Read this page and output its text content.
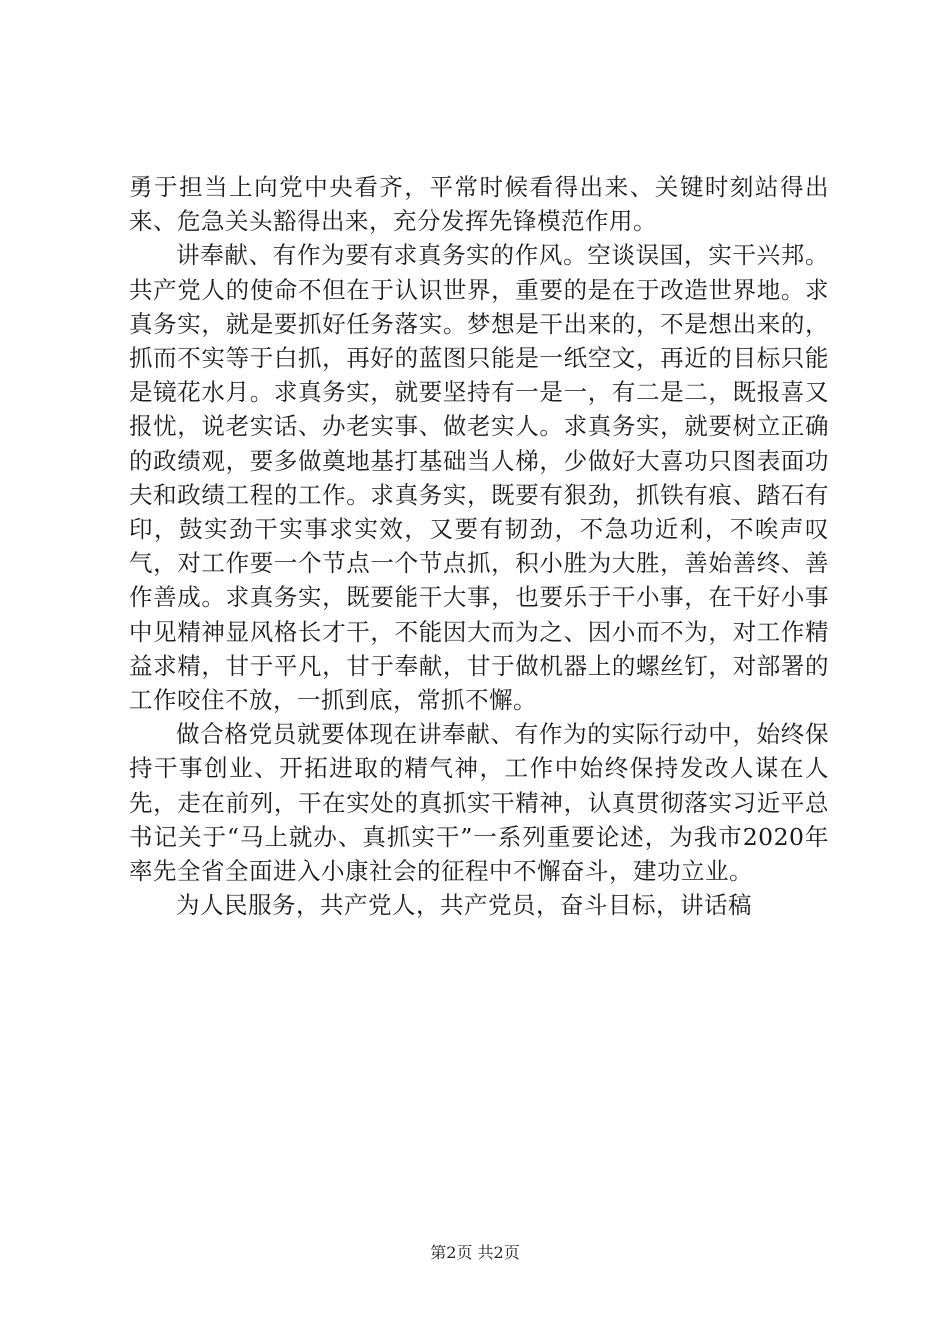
勇于担当上向党中央看齐，平常时候看得出来、关键时刻站得出来、危急关头豁得出来，充分发挥先锋模范作用。

讲奉献、有作为要有求真务实的作风。空谈误国，实干兴邦。共产党人的使命不但在于认识世界，重要的是在于改造世界地。求真务实，就是要抓好任务落实。梦想是干出来的，不是想出来的，抓而不实等于白抓，再好的蓝图只能是一纸空文，再近的目标只能是镜花水月。求真务实，就要坚持有一是一，有二是二，既报喜又报忧，说老实话、办老实事、做老实人。求真务实，就要树立正确的政绩观，要多做奠地基打基础当人梯，少做好大喜功只图表面功夫和政绩工程的工作。求真务实，既要有狠劲，抓铁有痕、踏石有印，鼓实劲干实事求实效，又要有韧劲，不急功近利，不唉声叹气，对工作要一个节点一个节点抓，积小胜为大胜，善始善终、善作善成。求真务实，既要能干大事，也要乐于干小事，在干好小事中见精神显风格长才干，不能因大而为之、因小而不为，对工作精益求精，甘于平凡，甘于奉献，甘于做机器上的螺丝钉，对部署的工作咬住不放，一抓到底，常抓不懈。

做合格党员就要体现在讲奉献、有作为的实际行动中，始终保持干事创业、开拓进取的精气神，工作中始终保持发改人谋在人先，走在前列，干在实处的真抓实干精神，认真贯彻落实习近平总书记关于“马上就办、真抓实干”一系列重要论述，为我市2020年率先全省全面进入小康社会的征程中不懈奋斗，建功立业。

为人民服务，共产党人，共产党员，奋斗目标，讲话稿

第2页 共2页
